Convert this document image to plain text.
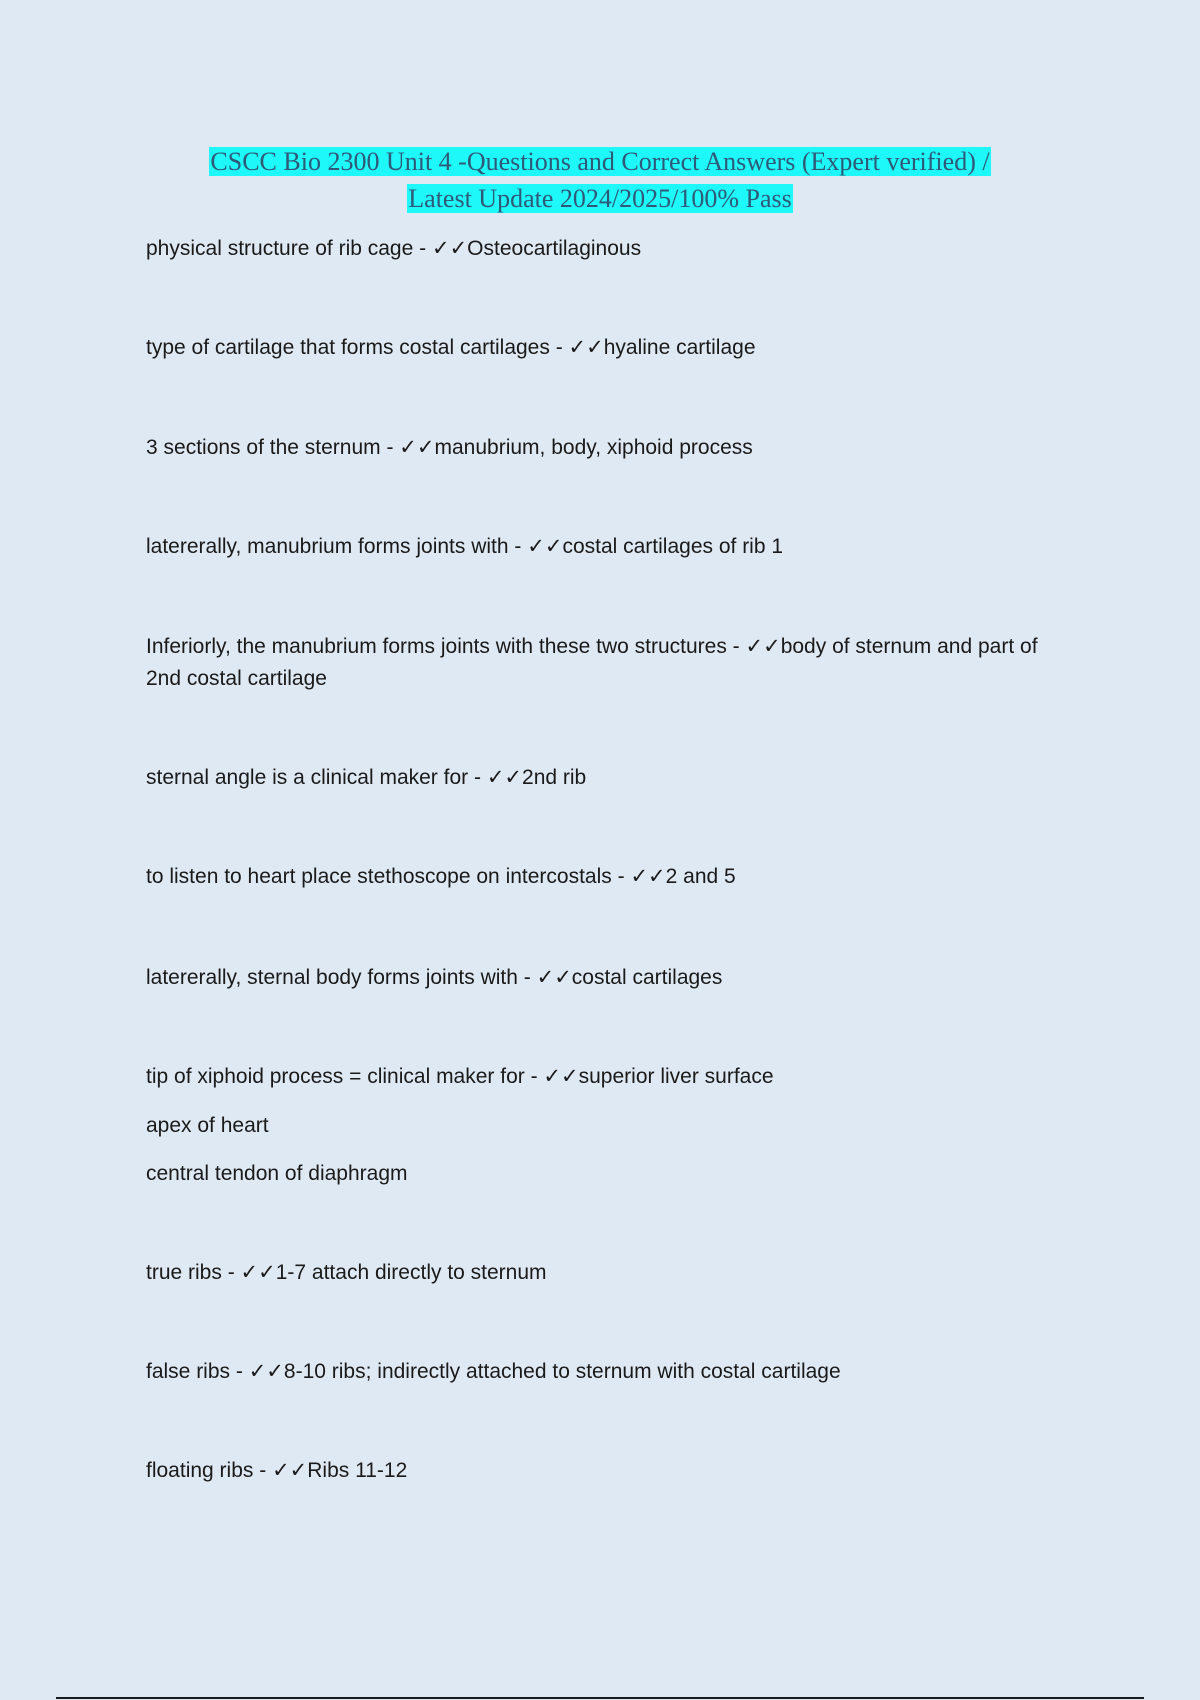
CSCC Bio 2300 Unit 4 -Questions and Correct Answers (Expert verified) /
Latest Update 2024/2025/100% Pass
physical structure of rib cage - ✓✓Osteocartilaginous
type of cartilage that forms costal cartilages - ✓✓hyaline cartilage
3 sections of the sternum - ✓✓manubrium, body, xiphoid process
latererally, manubrium forms joints with - ✓✓costal cartilages of rib 1
Inferiorly, the manubrium forms joints with these two structures - ✓✓body of sternum and part of 2nd costal cartilage
sternal angle is a clinical maker for - ✓✓2nd rib
to listen to heart place stethoscope on intercostals - ✓✓2 and 5
latererally, sternal body forms joints with - ✓✓costal cartilages
tip of xiphoid process = clinical maker for - ✓✓superior liver surface
apex of heart
central tendon of diaphragm
true ribs - ✓✓1-7 attach directly to sternum
false ribs - ✓✓8-10 ribs; indirectly attached to sternum with costal cartilage
floating ribs - ✓✓Ribs 11-12
